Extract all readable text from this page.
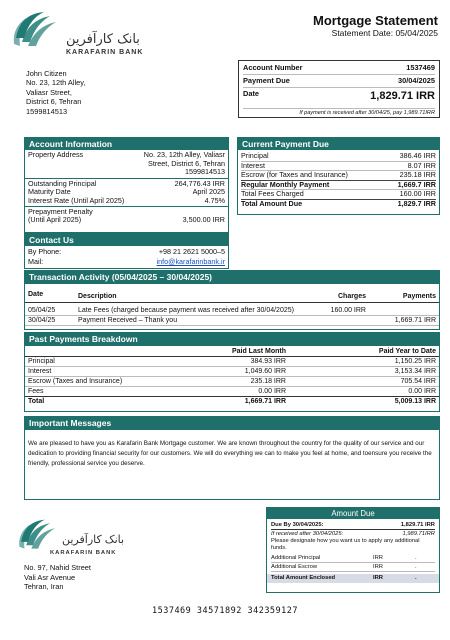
بانک کارآفرین
KARAFARIN BANK
Mortgage Statement
Statement Date: 05/04/2025
John Citizen
No. 23, 12th Alley,
Valiasr Street,
District 6, Tehran
1599814513
Account Number	1537469
Payment Due	30/04/2025
Date	1,829.71 IRR
If payment is received after 30/04/25, pay 1,989.71IRR
Account Information
Property Address	No. 23, 12th Alley, Valiasr
Street, District 6, Tehran
1599814513
Outstanding Principal	264,776.43 IRR
Maturity Date	April 2025
Interest Rate (Until April 2025)	4.75%
Prepayment Penalty
(Until April 2025)	3,500.00 IRR
Contact Us
By Phone:	+98 21 2621 5000–5
Mail:	info@karafarinbank.ir
Current Payment Due
Principal	386.46 IRR
Interest	8.07 IRR
Escrow (for Taxes and Insurance)	235.18 IRR
Regular Monthly Payment	1,669.7 IRR
Total Fees Charged	160.00 IRR
Total Amount Due	1,829.7 IRR
Transaction Activity (05/04/2025 – 30/04/2025)
Date	Description	Charges	Payments
05/04/25	Late Fees (charged because payment was received after 30/04/2025)	160.00 IRR	
30/04/25	Payment Received – Thank you		1,669.71 IRR
Past Payments Breakdown
	Paid Last Month	Paid Year to Date
Principal	384.93 IRR	1,150.25 IRR
Interest	1,049.60 IRR	3,153.34 IRR
Escrow (Taxes and Insurance)	235.18 IRR	705.54 IRR
Fees	0.00 IRR	0.00 IRR
Total	1,669.71 IRR	5,009.13 IRR
Important Messages
We are pleased to have you as Karafarin Bank Mortgage customer. We are known throughout the country for the quality of our service and our dedication to providing financial security for our customers. We will do everything we can to make you feel at home, and toensure you receive the friendly, professional service you deserve.
بانک کارآفرین
KARAFARIN BANK
No. 97, Nahid Street
Vali Asr Avenue
Tehran, Iran
Amount Due
Due By 30/04/2025:	1,829.71 IRR
If received after 30/04/2025:	1,989.71IRR
Please designate how you want us to apply any additional funds.
Additional Principal	IRR	.
Additional Escrow	IRR	.
Total Amount Enclosed	IRR	.
1537469 34571892 342359127
